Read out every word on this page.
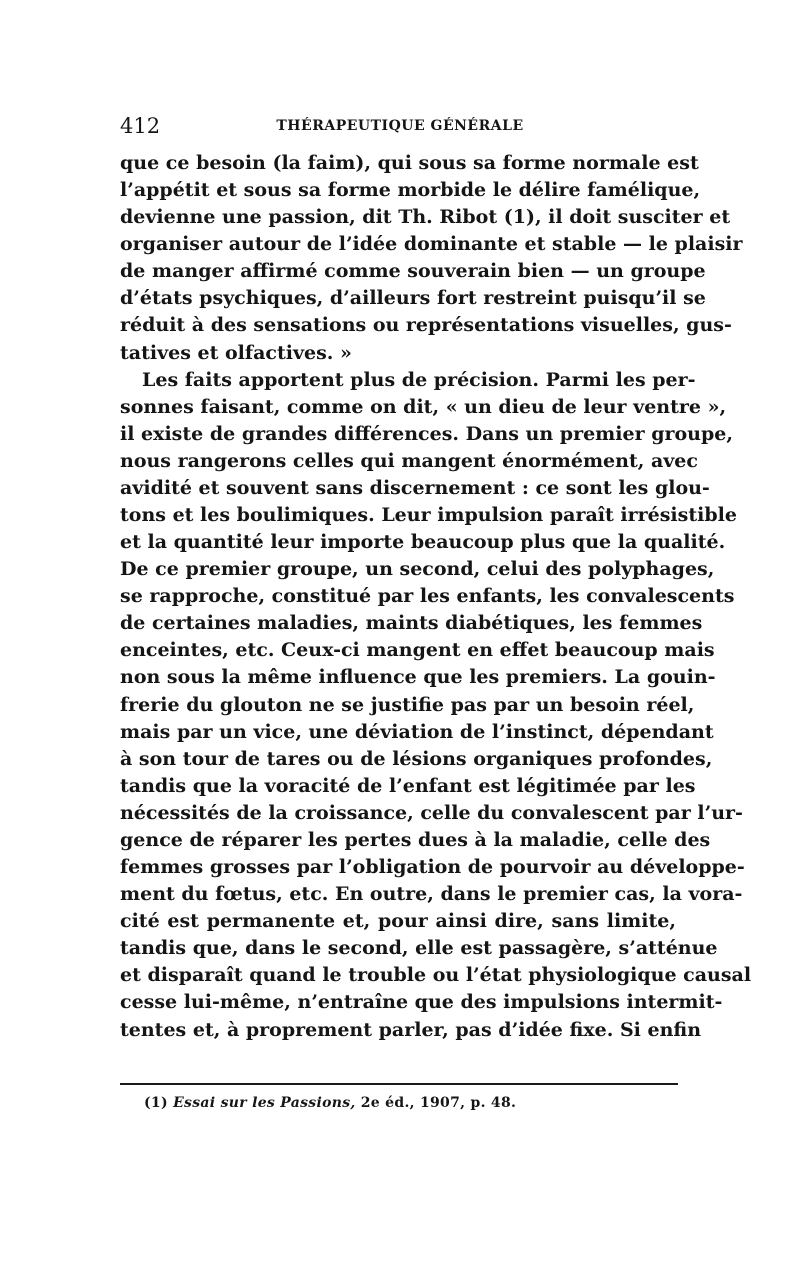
412	THÉRAPEUTIQUE GÉNÉRALE
que ce besoin (la faim), qui sous sa forme normale est
l’appétit et sous sa forme morbide le délire famélique,
devienne une passion, dit Th. Ribot (1), il doit susciter et
organiser autour de l’idée dominante et stable — le plaisir
de manger affirmé comme souverain bien — un groupe
d’états psychiques, d’ailleurs fort restreint puisqu’il se
réduit à des sensations ou représentations visuelles, gus-
tatives et olfactives. »
Les faits apportent plus de précision. Parmi les per-
sonnes faisant, comme on dit, « un dieu de leur ventre »,
il existe de grandes différences. Dans un premier groupe,
nous rangerons celles qui mangent énormément, avec
avidité et souvent sans discernement : ce sont les glou-
tons et les boulimiques. Leur impulsion paraît irrésistible
et la quantité leur importe beaucoup plus que la qualité.
De ce premier groupe, un second, celui des polyphages,
se rapproche, constitué par les enfants, les convalescents
de certaines maladies, maints diabétiques, les femmes
enceintes, etc. Ceux-ci mangent en effet beaucoup mais
non sous la même influence que les premiers. La gouin-
frerie du glouton ne se justifie pas par un besoin réel,
mais par un vice, une déviation de l’instinct, dépendant
à son tour de tares ou de lésions organiques profondes,
tandis que la voracité de l’enfant est légitimée par les
nécessités de la croissance, celle du convalescent par l’ur-
gence de réparer les pertes dues à la maladie, celle des
femmes grosses par l’obligation de pourvoir au développe-
ment du fœtus, etc. En outre, dans le premier cas, la vora-
cité est permanente et, pour ainsi dire, sans limite,
tandis que, dans le second, elle est passagère, s’atténue
et disparaît quand le trouble ou l’état physiologique causal
cesse lui-même, n’entraîne que des impulsions intermit-
tentes et, à proprement parler, pas d’idée fixe. Si enfin
(1) Essai sur les Passions, 2e éd., 1907, p. 48.
